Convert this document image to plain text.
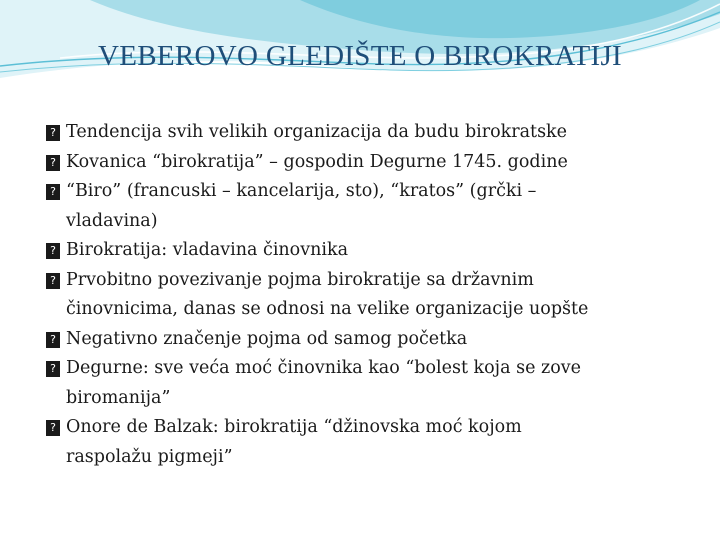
VEBEROVO GLEDIŠTE O BIROKRATIJI
? Tendencija svih velikih organizacija da budu birokratske
? Kovanica “birokratija” – gospodin Degurne 1745. godine
? “Biro” (francuski – kancelarija, sto), “kratos” (grčki –
vladavina)
? Birokratija: vladavina činovnika
? Prvobitno povezivanje pojma birokratije sa državnim
činovnicima, danas se odnosi na velike organizacije uopšte
? Negativno značenje pojma od samog početka
? Degurne: sve veća moć činovnika kao “bolest koja se zove
biromanija”
? Onore de Balzak: birokratija “džinovska moć kojom
raspolažu pigmeji”
